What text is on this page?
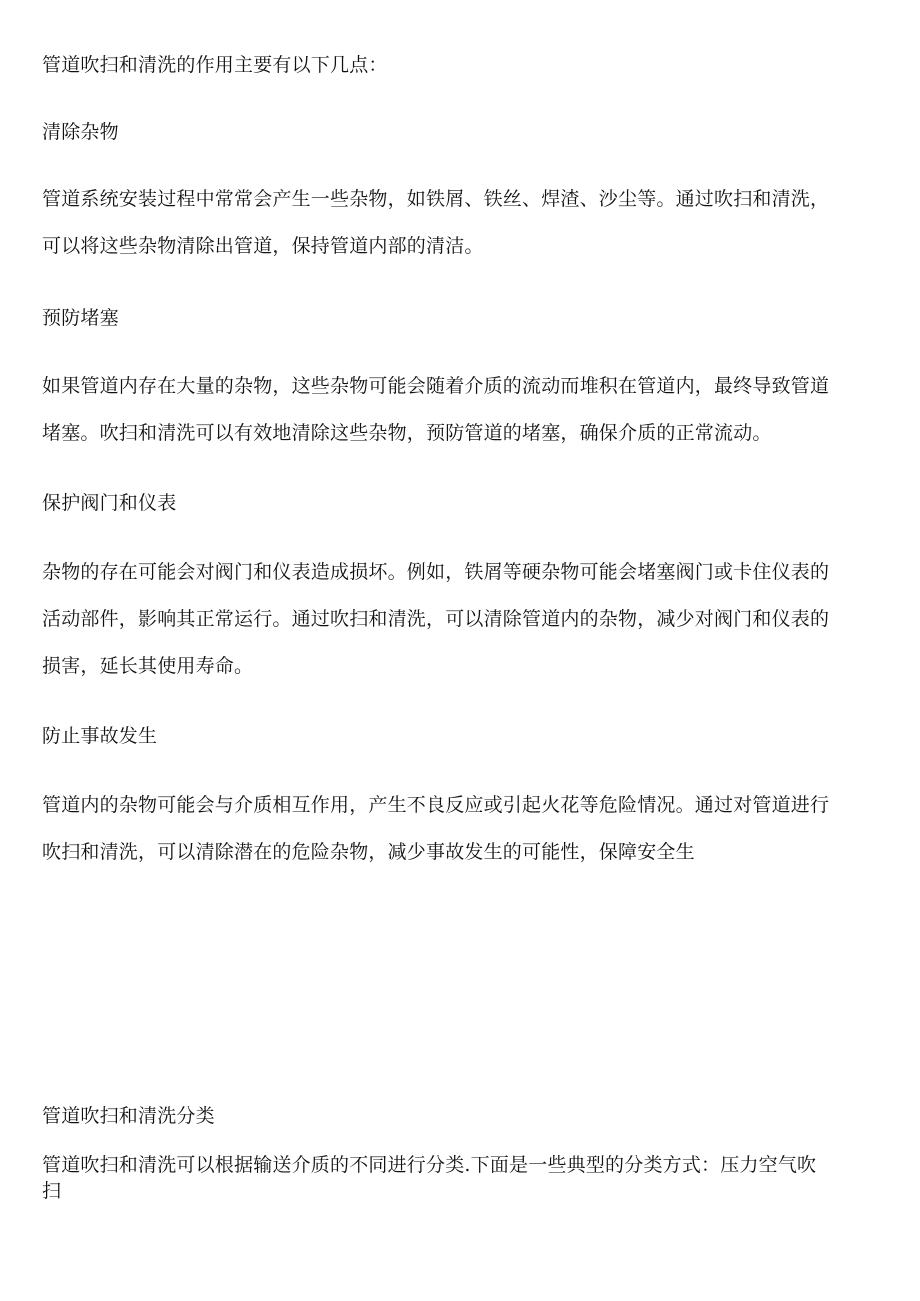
管道吹扫和清洗的作用主要有以下几点：
清除杂物
管道系统安装过程中常常会产生一些杂物，如铁屑、铁丝、焊渣、沙尘等。通过吹扫和清洗，
可以将这些杂物清除出管道，保持管道内部的清洁。
预防堵塞
如果管道内存在大量的杂物，这些杂物可能会随着介质的流动而堆积在管道内，最终导致管道
堵塞。吹扫和清洗可以有效地清除这些杂物，预防管道的堵塞，确保介质的正常流动。
保护阀门和仪表
杂物的存在可能会对阀门和仪表造成损坏。例如，铁屑等硬杂物可能会堵塞阀门或卡住仪表的
活动部件，影响其正常运行。通过吹扫和清洗，可以清除管道内的杂物，减少对阀门和仪表的
损害，延长其使用寿命。
防止事故发生
管道内的杂物可能会与介质相互作用，产生不良反应或引起火花等危险情况。通过对管道进行
吹扫和清洗，可以清除潜在的危险杂物，减少事故发生的可能性，保障安全生
管道吹扫和清洗分类
管道吹扫和清洗可以根据输送介质的不同进行分类.下面是一些典型的分类方式：压力空气吹
扫
